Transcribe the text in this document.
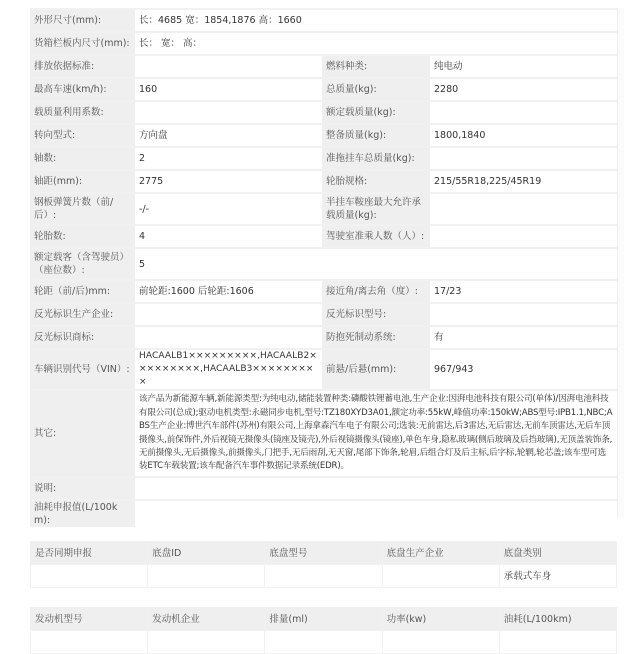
外形尺寸(mm):	长：4685 宽：1854,1876 高：1660		
货箱栏板内尺寸(mm):	长： 宽： 高：		
排放依据标准:		燃料种类:	纯电动
最高车速(km/h):	160	总质量(kg):	2280
载质量利用系数:		额定载质量(kg):	
转向型式:	方向盘	整备质量(kg):	1800,1840
轴数:	2	准拖挂车总质量(kg):	
轴距(mm):	2775	轮胎规格:	215/55R18,225/45R19
钢板弹簧片数（前/后）:	-/-	半挂车鞍座最大允许承载质量(kg):	
轮胎数:	4	驾驶室准乘人数（人）:	
额定载客（含驾驶员）（座位数）:	5		
轮距（前/后)mm:	前轮距:1600 后轮距:1606	接近角/离去角（度）:	17/23
反光标识生产企业:		反光标识型号:	
反光标识商标:		防抱死制动系统:	有
车辆识别代号（VIN）:	HACAALB1×××××××××,HACAALB2×××××××××,HACAALB3×××××××××	前悬/后悬(mm):	967/943
其它:	该产品为新能源车辆,新能源类型:为纯电动,储能装置种类:磷酸铁锂蓄电池,生产企业:因湃电池科技有限公司(单体)/因湃电池科技有限公司(总成);驱动电机类型:永磁同步电机,型号:TZ180XYD3A01,额定功率:55kW,峰值功率:150kW;ABS型号:IPB1.1,NBC;ABS生产企业:博世汽车部件(苏州)有限公司,上海拿森汽车电子有限公司;选装:无前雷达,后3雷达,无后雷达,无前车顶雷达,无后车顶摄像头,前保饰件,外后视镜无摄像头(镜座及镜壳),外后视镜摄像头(镜座),单色车身,隐私玻璃(侧后玻璃及后挡玻璃),无顶盖装饰条,无前摄像头,无后摄像头,前摄像头,门把手,无后雨刮,无天窗,尾部下饰条,轮眉,后组合灯及后主标,后字标,轮辋,轮芯盖;该车型可选装ETC车载装置;该车配备汽车事件数据记录系统(EDR)。		
说明:			
油耗申报值(L/100km):			
是否同期申报	底盘ID	底盘型号	底盘生产企业	底盘类别
				承载式车身
发动机型号	发动机企业	排量(ml)	功率(kw)	油耗(L/100km)
